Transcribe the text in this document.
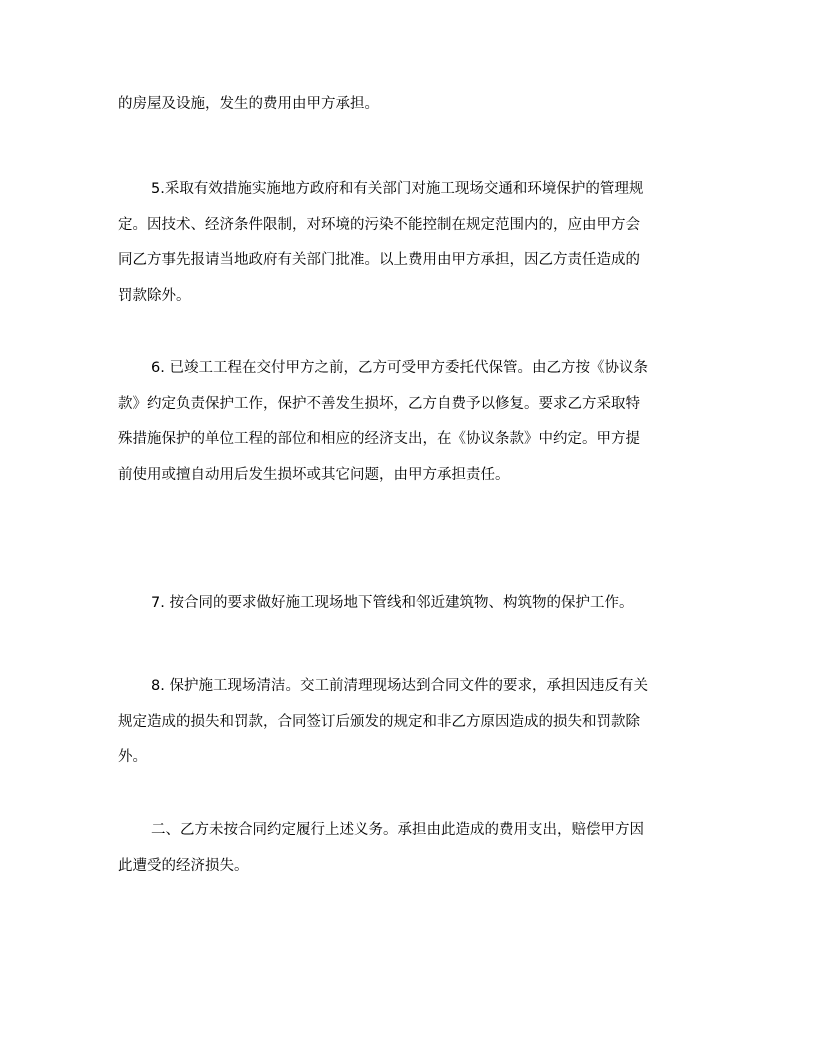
的房屋及设施，发生的费用由甲方承担。

5.采取有效措施实施地方政府和有关部门对施工现场交通和环境保护的管理规
定。因技术、经济条件限制，对环境的污染不能控制在规定范围内的，应由甲方会
同乙方事先报请当地政府有关部门批准。以上费用由甲方承担，因乙方责任造成的
罚款除外。

6. 已竣工工程在交付甲方之前，乙方可受甲方委托代保管。由乙方按《协议条
款》约定负责保护工作，保护不善发生损坏，乙方自费予以修复。要求乙方采取特
殊措施保护的单位工程的部位和相应的经济支出，在《协议条款》中约定。甲方提
前使用或擅自动用后发生损坏或其它问题，由甲方承担责任。

7. 按合同的要求做好施工现场地下管线和邻近建筑物、构筑物的保护工作。

8. 保护施工现场清洁。交工前清理现场达到合同文件的要求，承担因违反有关
规定造成的损失和罚款，合同签订后颁发的规定和非乙方原因造成的损失和罚款除
外。

二、乙方未按合同约定履行上述义务。承担由此造成的费用支出，赔偿甲方因
此遭受的经济损失。
